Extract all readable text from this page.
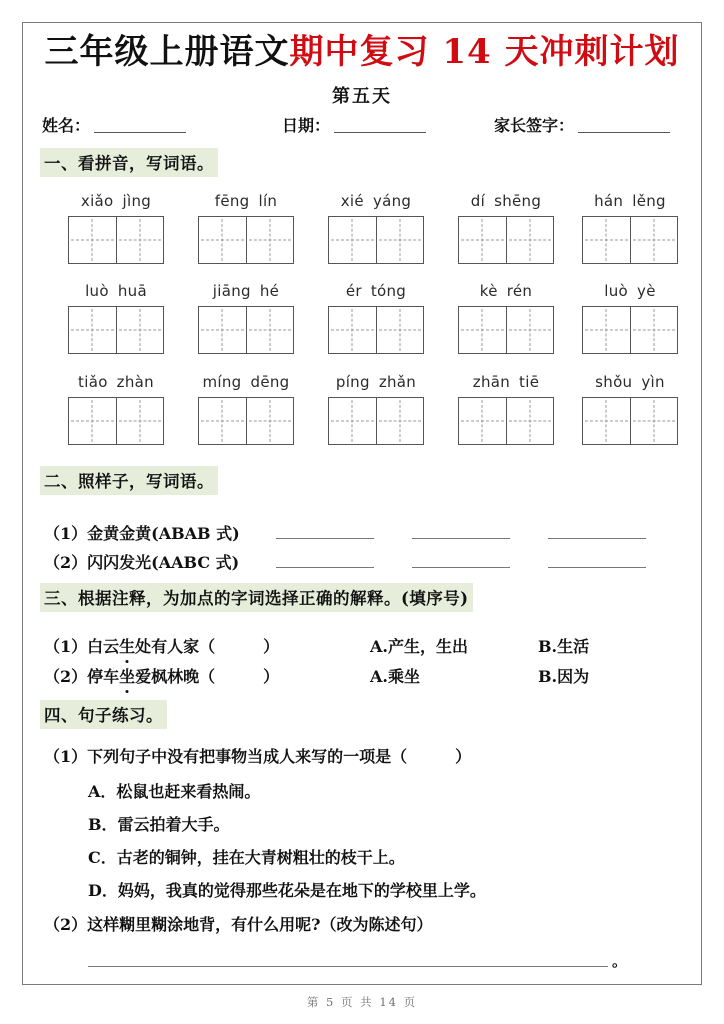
三年级上册语文期中复习 14 天冲刺计划
第五天
姓名：	日期：	家长签字：
一、看拼音，写词语。
xiǎo jìng	fēng lín	xié yáng	dí shēng	hán lěng
luò huā	jiāng hé	ér tóng	kè rén	luò yè
tiǎo zhàn	míng dēng	píng zhǎn	zhān tiē	shǒu yìn
二、照样子，写词语。
（1）金黄金黄(ABAB 式)
（2）闪闪发光(AABC 式)
三、根据注释，为加点的字词选择正确的解释。(填序号)
（1）白云生处有人家（　　　）	A.产生，生出	B.生活
（2）停车坐爱枫林晚（　　　）	A.乘坐	B.因为
四、句子练习。
（1）下列句子中没有把事物当成人来写的一项是（　　　）
A．松鼠也赶来看热闹。
B．雷云拍着大手。
C．古老的铜钟，挂在大青树粗壮的枝干上。
D．妈妈，我真的觉得那些花朵是在地下的学校里上学。
（2）这样糊里糊涂地背，有什么用呢?（改为陈述句）
。
第 5 页 共 14 页
